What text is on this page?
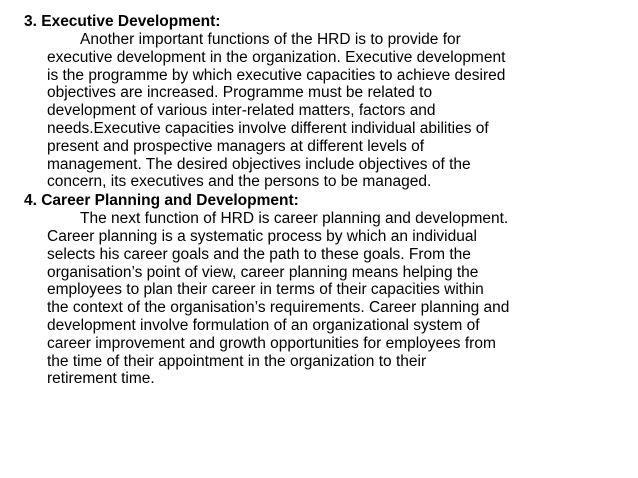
3. Executive Development:
Another important functions of the HRD is to provide for
executive development in the organization. Executive development
is the programme by which executive capacities to achieve desired
objectives are increased. Programme must be related to
development of various inter-related matters, factors and
needs.Executive capacities involve different individual abilities of
present and prospective managers at different levels of
management. The desired objectives include objectives of the
concern, its executives and the persons to be managed.
4. Career Planning and Development:
The next function of HRD is career planning and development.
Career planning is a systematic process by which an individual
selects his career goals and the path to these goals. From the
organisation’s point of view, career planning means helping the
employees to plan their career in terms of their capacities within
the context of the organisation’s requirements. Career planning and
development involve formulation of an organizational system of
career improvement and growth opportunities for employees from
the time of their appointment in the organization to their
retirement time.
